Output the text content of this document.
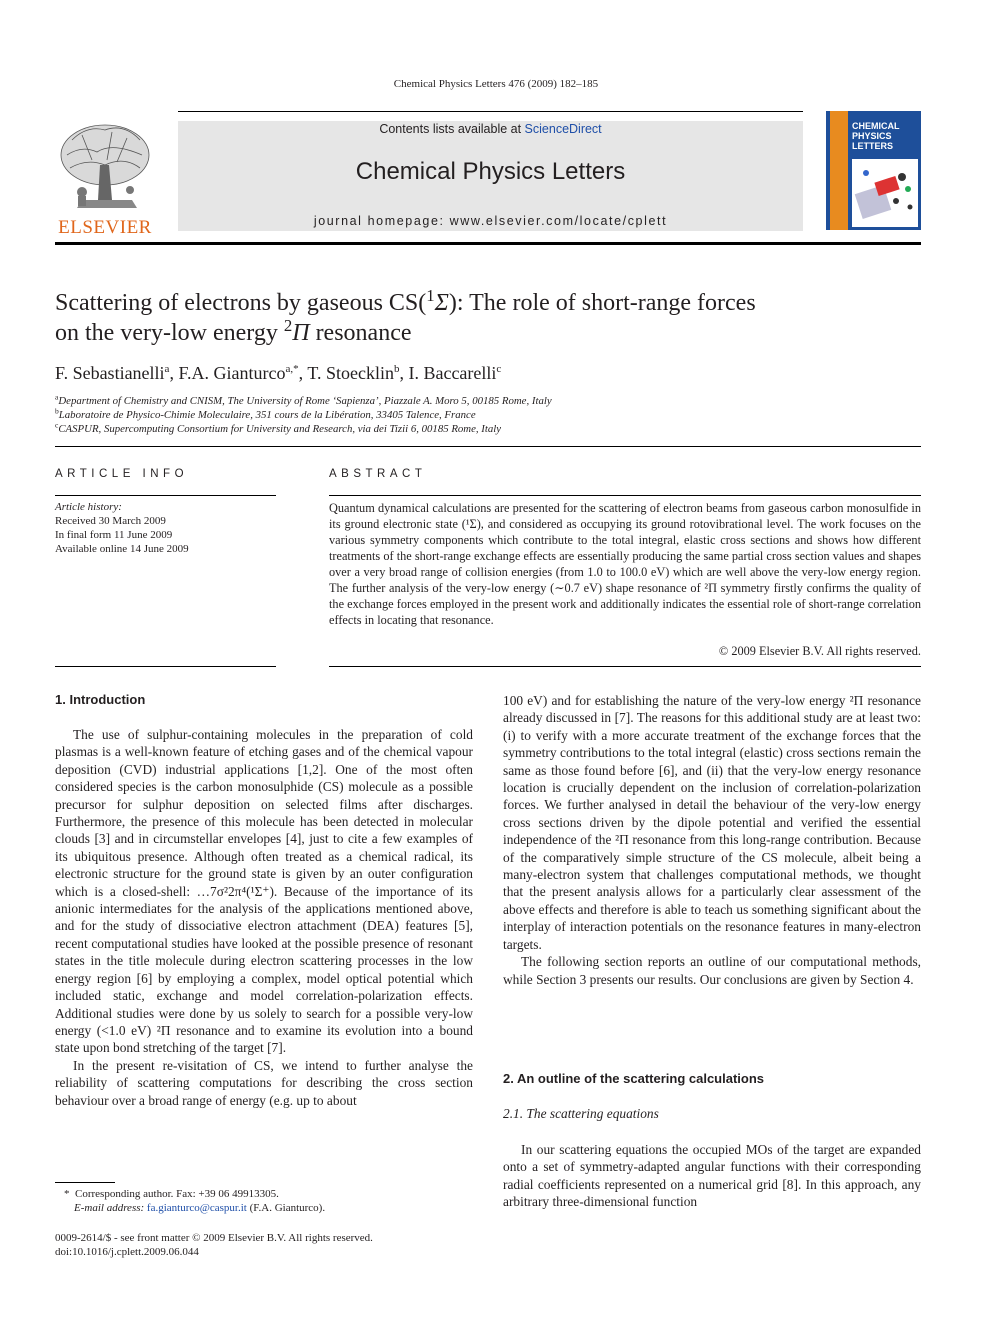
Chemical Physics Letters 476 (2009) 182–185
ELSEVIER
Contents lists available at ScienceDirect
Chemical Physics Letters
journal homepage: www.elsevier.com/locate/cplett
CHEMICAL
PHYSICS
LETTERS
Scattering of electrons by gaseous CS($^1$Σ): The role of short-range forces
on the very-low energy $^2$Π resonance
F. Sebastianelli$^a$, F.A. Gianturco$^{a,*}$, T. Stoecklin$^b$, I. Baccarelli$^c$
$^a$Department of Chemistry and CNISM, The University of Rome ‘Sapienza’, Piazzale A. Moro 5, 00185 Rome, Italy
$^b$Laboratoire de Physico-Chimie Moleculaire, 351 cours de la Libération, 33405 Talence, France
$^c$CASPUR, Supercomputing Consortium for University and Research, via dei Tizii 6, 00185 Rome, Italy
ARTICLE INFO
Article history:
Received 30 March 2009
In final form 11 June 2009
Available online 14 June 2009
ABSTRACT
Quantum dynamical calculations are presented for the scattering of electron beams from gaseous carbon monosulfide in its ground electronic state (¹Σ), and considered as occupying its ground rotovibrational level. The work focuses on the various symmetry components which contribute to the total integral, elastic cross sections and shows how different treatments of the short-range exchange effects are essentially producing the same partial cross section values and shapes over a very broad range of collision energies (from 1.0 to 100.0 eV) which are well above the very-low energy region. The further analysis of the very-low energy (∼0.7 eV) shape resonance of ²Π symmetry firstly confirms the quality of the exchange forces employed in the present work and additionally indicates the essential role of short-range correlation effects in locating that resonance.
© 2009 Elsevier B.V. All rights reserved.
1. Introduction

The use of sulphur-containing molecules in the preparation of cold plasmas is a well-known feature of etching gases and of the chemical vapour deposition (CVD) industrial applications [1,2]. One of the most often considered species is the carbon monosulphide (CS) molecule as a possible precursor for sulphur deposition on selected films after discharges. Furthermore, the presence of this molecule has been detected in molecular clouds [3] and in circumstellar envelopes [4], just to cite a few examples of its ubiquitous presence. Although often treated as a chemical radical, its electronic structure for the ground state is given by an outer configuration which is a closed-shell: …7σ²2π⁴(¹Σ⁺). Because of the importance of its anionic intermediates for the analysis of the applications mentioned above, and for the study of dissociative electron attachment (DEA) features [5], recent computational studies have looked at the possible presence of resonant states in the title molecule during electron scattering processes in the low energy region [6] by employing a complex, model optical potential which included static, exchange and model correlation-polarization effects. Additional studies were done by us solely to search for a possible very-low energy (<1.0 eV) ²Π resonance and to examine its evolution into a bound state upon bond stretching of the target [7].

In the present re-visitation of CS, we intend to further analyse the reliability of scattering computations for describing the cross section behaviour over a broad range of energy (e.g. up to about

* Corresponding author. Fax: +39 06 49913305.
E-mail address: fa.gianturco@caspur.it (F.A. Gianturco).
0009-2614/$ - see front matter © 2009 Elsevier B.V. All rights reserved.
doi:10.1016/j.cplett.2009.06.044

100 eV) and for establishing the nature of the very-low energy ²Π resonance already discussed in [7]. The reasons for this additional study are at least two: (i) to verify with a more accurate treatment of the exchange forces that the symmetry contributions to the total integral (elastic) cross sections remain the same as those found before [6], and (ii) that the very-low energy resonance location is crucially dependent on the inclusion of correlation-polarization forces. We further analysed in detail the behaviour of the very-low energy cross sections driven by the dipole potential and verified the essential independence of the ²Π resonance from this long-range contribution. Because of the comparatively simple structure of the CS molecule, albeit being a many-electron system that challenges computational methods, we thought that the present analysis allows for a particularly clear assessment of the above effects and therefore is able to teach us something significant about the interplay of interaction potentials on the resonance features in many-electron targets.

The following section reports an outline of our computational methods, while Section 3 presents our results. Our conclusions are given by Section 4.

2. An outline of the scattering calculations
2.1. The scattering equations

In our scattering equations the occupied MOs of the target are expanded onto a set of symmetry-adapted angular functions with their corresponding radial coefficients represented on a numerical grid [8]. In this approach, any arbitrary three-dimensional function
